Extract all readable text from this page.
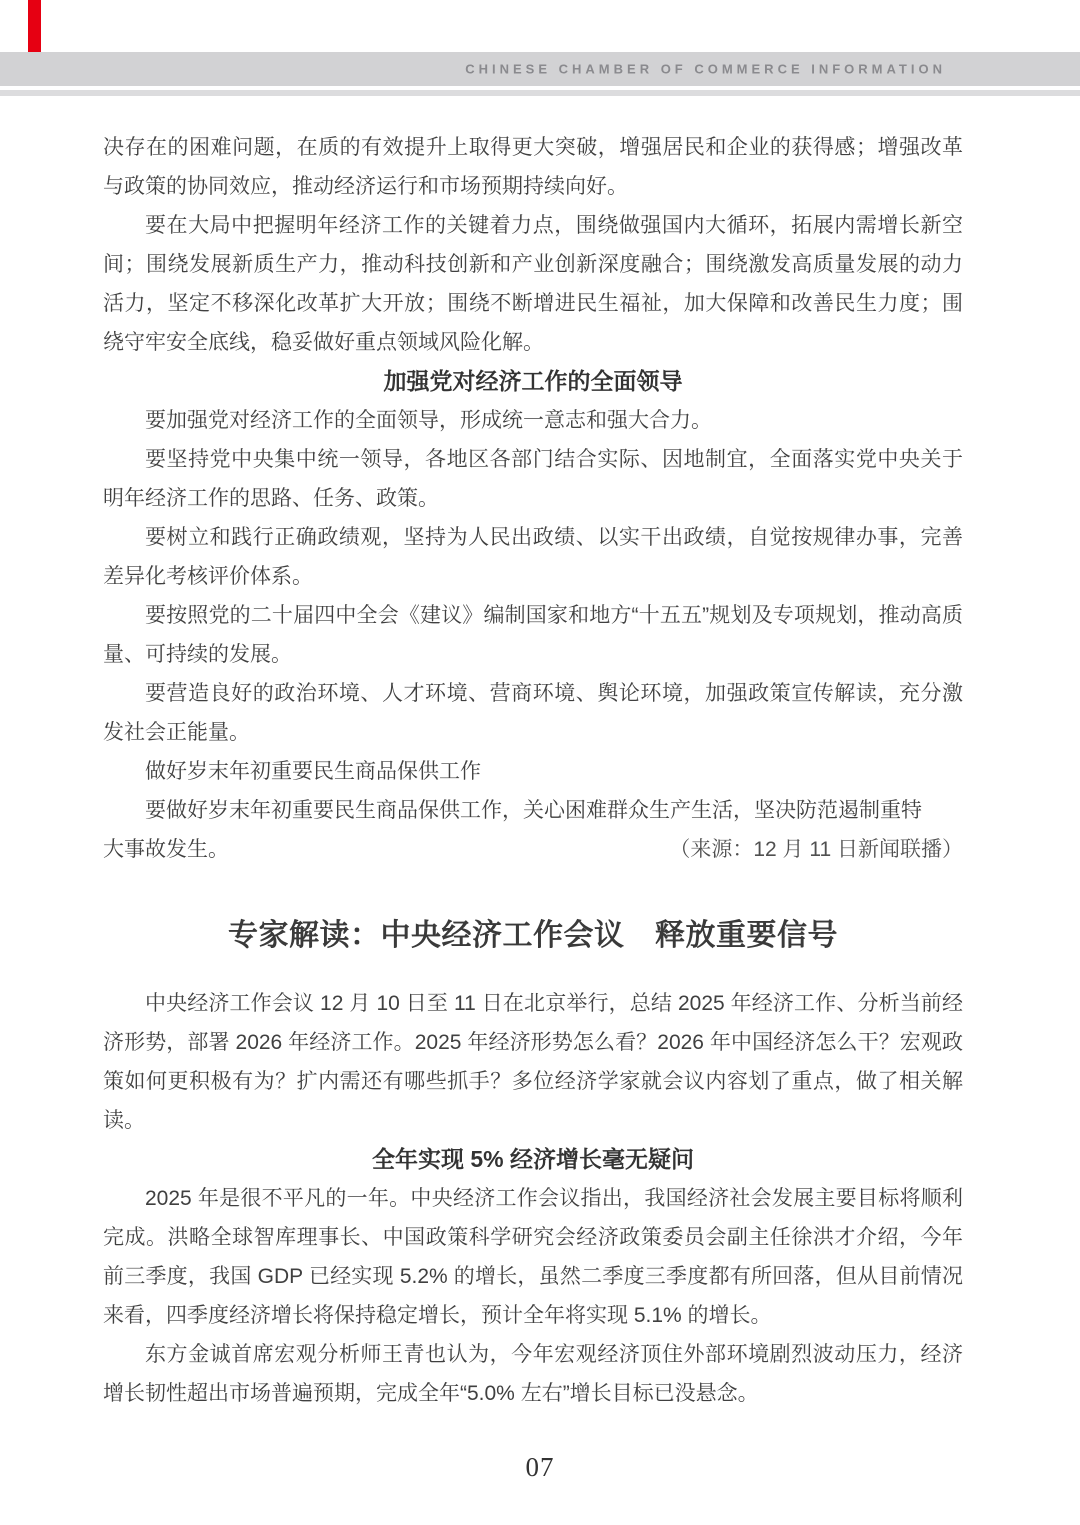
CHINESE CHAMBER OF COMMERCE INFORMATION

决存在的困难问题，在质的有效提升上取得更大突破，增强居民和企业的获得感；增强改革与政策的协同效应，推动经济运行和市场预期持续向好。

要在大局中把握明年经济工作的关键着力点，围绕做强国内大循环，拓展内需增长新空间；围绕发展新质生产力，推动科技创新和产业创新深度融合；围绕激发高质量发展的动力活力，坚定不移深化改革扩大开放；围绕不断增进民生福祉，加大保障和改善民生力度；围绕守牢安全底线，稳妥做好重点领域风险化解。

加强党对经济工作的全面领导

要加强党对经济工作的全面领导，形成统一意志和强大合力。

要坚持党中央集中统一领导，各地区各部门结合实际、因地制宜，全面落实党中央关于明年经济工作的思路、任务、政策。

要树立和践行正确政绩观，坚持为人民出政绩、以实干出政绩，自觉按规律办事，完善差异化考核评价体系。

要按照党的二十届四中全会《建议》编制国家和地方“十五五”规划及专项规划，推动高质量、可持续的发展。

要营造良好的政治环境、人才环境、营商环境、舆论环境，加强政策宣传解读，充分激发社会正能量。

做好岁末年初重要民生商品保供工作

要做好岁末年初重要民生商品保供工作，关心困难群众生产生活，坚决防范遏制重特

大事故发生。	（来源：12 月 11 日新闻联播）
专家解读：中央经济工作会议　释放重要信号

中央经济工作会议 12 月 10 日至 11 日在北京举行，总结 2025 年经济工作、分析当前经济形势，部署 2026 年经济工作。2025 年经济形势怎么看？2026 年中国经济怎么干？宏观政策如何更积极有为？扩内需还有哪些抓手？多位经济学家就会议内容划了重点，做了相关解读。

全年实现 5% 经济增长毫无疑问

2025 年是很不平凡的一年。中央经济工作会议指出，我国经济社会发展主要目标将顺利完成。洪略全球智库理事长、中国政策科学研究会经济政策委员会副主任徐洪才介绍，今年前三季度，我国 GDP 已经实现 5.2% 的增长，虽然二季度三季度都有所回落，但从目前情况来看，四季度经济增长将保持稳定增长，预计全年将实现 5.1% 的增长。

东方金诚首席宏观分析师王青也认为，今年宏观经济顶住外部环境剧烈波动压力，经济增长韧性超出市场普遍预期，完成全年“5.0% 左右”增长目标已没悬念。

07
